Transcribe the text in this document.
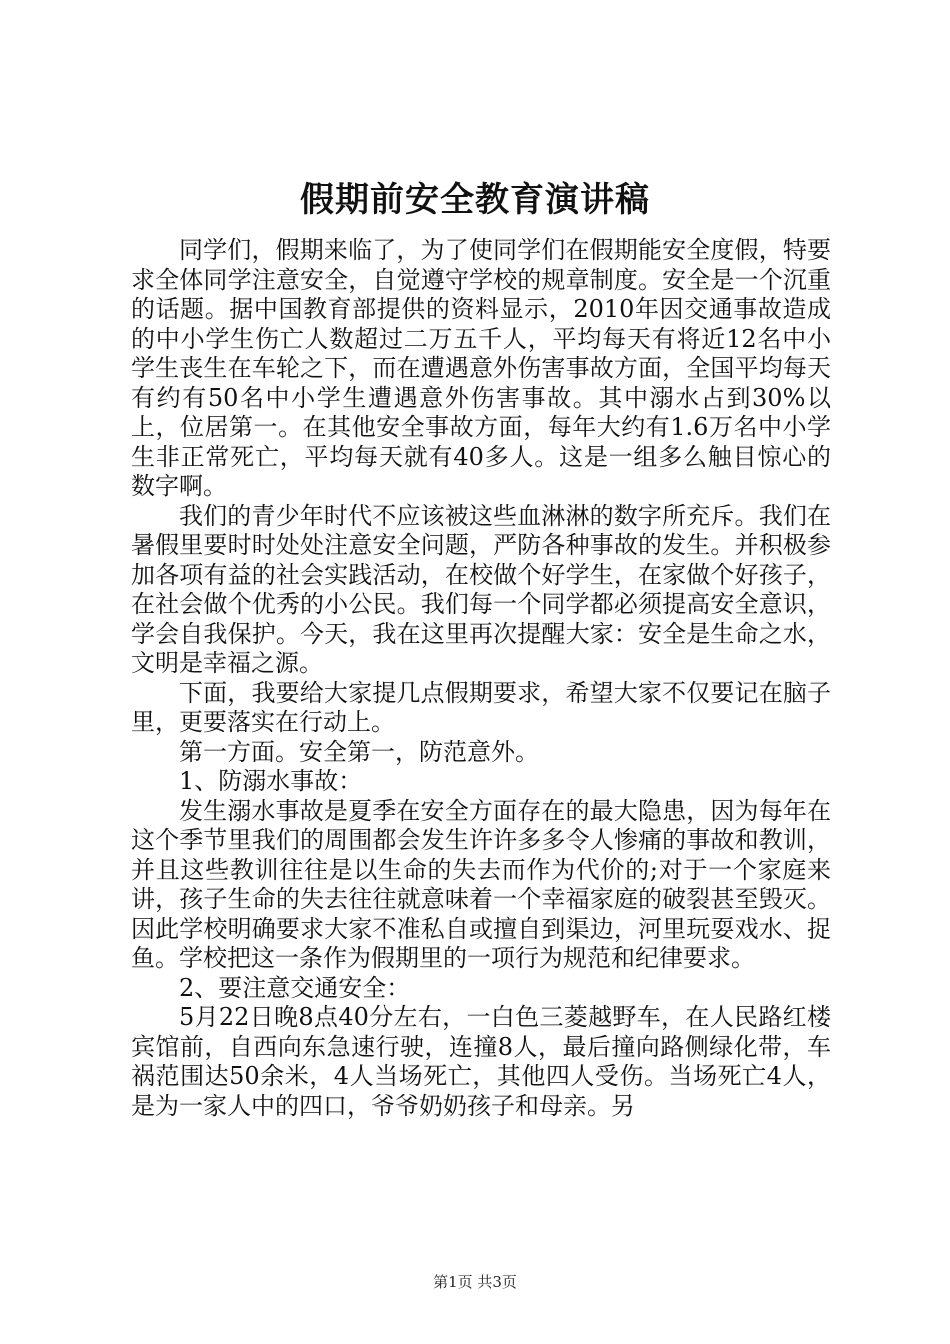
假期前安全教育演讲稿

同学们，假期来临了，为了使同学们在假期能安全度假，特要求全体同学注意安全，自觉遵守学校的规章制度。安全是一个沉重的话题。据中国教育部提供的资料显示，2010年因交通事故造成的中小学生伤亡人数超过二万五千人，平均每天有将近12名中小学生丧生在车轮之下，而在遭遇意外伤害事故方面，全国平均每天有约有50名中小学生遭遇意外伤害事故。其中溺水占到30%以上，位居第一。在其他安全事故方面，每年大约有1.6万名中小学生非正常死亡，平均每天就有40多人。这是一组多么触目惊心的数字啊。

我们的青少年时代不应该被这些血淋淋的数字所充斥。我们在暑假里要时时处处注意安全问题，严防各种事故的发生。并积极参加各项有益的社会实践活动，在校做个好学生，在家做个好孩子，在社会做个优秀的小公民。我们每一个同学都必须提高安全意识，学会自我保护。今天，我在这里再次提醒大家：安全是生命之水，文明是幸福之源。

下面，我要给大家提几点假期要求，希望大家不仅要记在脑子里，更要落实在行动上。

第一方面。安全第一，防范意外。

1、防溺水事故：

发生溺水事故是夏季在安全方面存在的最大隐患，因为每年在这个季节里我们的周围都会发生许许多多令人惨痛的事故和教训，并且这些教训往往是以生命的失去而作为代价的;对于一个家庭来讲，孩子生命的失去往往就意味着一个幸福家庭的破裂甚至毁灭。因此学校明确要求大家不准私自或擅自到渠边，河里玩耍戏水、捉鱼。学校把这一条作为假期里的一项行为规范和纪律要求。

2、要注意交通安全：

5月22日晚8点40分左右，一白色三菱越野车，在人民路红楼宾馆前，自西向东急速行驶，连撞8人，最后撞向路侧绿化带，车祸范围达50余米，4人当场死亡，其他四人受伤。当场死亡4人，是为一家人中的四口，爷爷奶奶孩子和母亲。另

第1页 共3页
